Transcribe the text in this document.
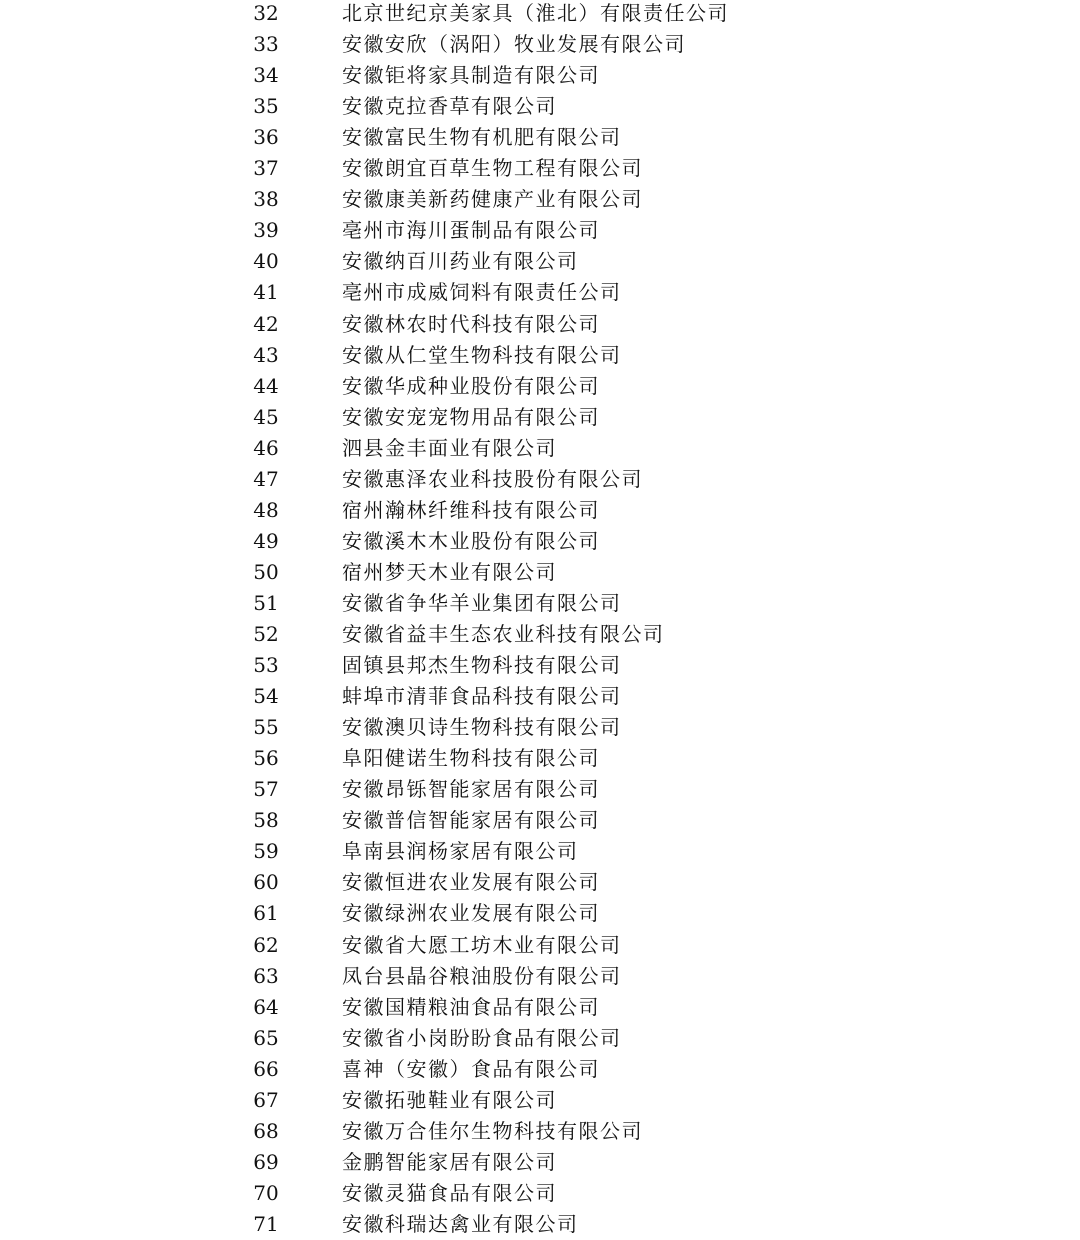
32	北京世纪京美家具（淮北）有限责任公司
33	安徽安欣（涡阳）牧业发展有限公司
34	安徽钜将家具制造有限公司
35	安徽克拉香草有限公司
36	安徽富民生物有机肥有限公司
37	安徽朗宜百草生物工程有限公司
38	安徽康美新药健康产业有限公司
39	亳州市海川蛋制品有限公司
40	安徽纳百川药业有限公司
41	亳州市成威饲料有限责任公司
42	安徽林农时代科技有限公司
43	安徽从仁堂生物科技有限公司
44	安徽华成种业股份有限公司
45	安徽安宠宠物用品有限公司
46	泗县金丰面业有限公司
47	安徽惠泽农业科技股份有限公司
48	宿州瀚林纤维科技有限公司
49	安徽溪木木业股份有限公司
50	宿州梦天木业有限公司
51	安徽省争华羊业集团有限公司
52	安徽省益丰生态农业科技有限公司
53	固镇县邦杰生物科技有限公司
54	蚌埠市清菲食品科技有限公司
55	安徽澳贝诗生物科技有限公司
56	阜阳健诺生物科技有限公司
57	安徽昂铄智能家居有限公司
58	安徽普信智能家居有限公司
59	阜南县润杨家居有限公司
60	安徽恒进农业发展有限公司
61	安徽绿洲农业发展有限公司
62	安徽省大愿工坊木业有限公司
63	凤台县晶谷粮油股份有限公司
64	安徽国精粮油食品有限公司
65	安徽省小岗盼盼食品有限公司
66	喜神（安徽）食品有限公司
67	安徽拓驰鞋业有限公司
68	安徽万合佳尔生物科技有限公司
69	金鹏智能家居有限公司
70	安徽灵猫食品有限公司
71	安徽科瑞达禽业有限公司
